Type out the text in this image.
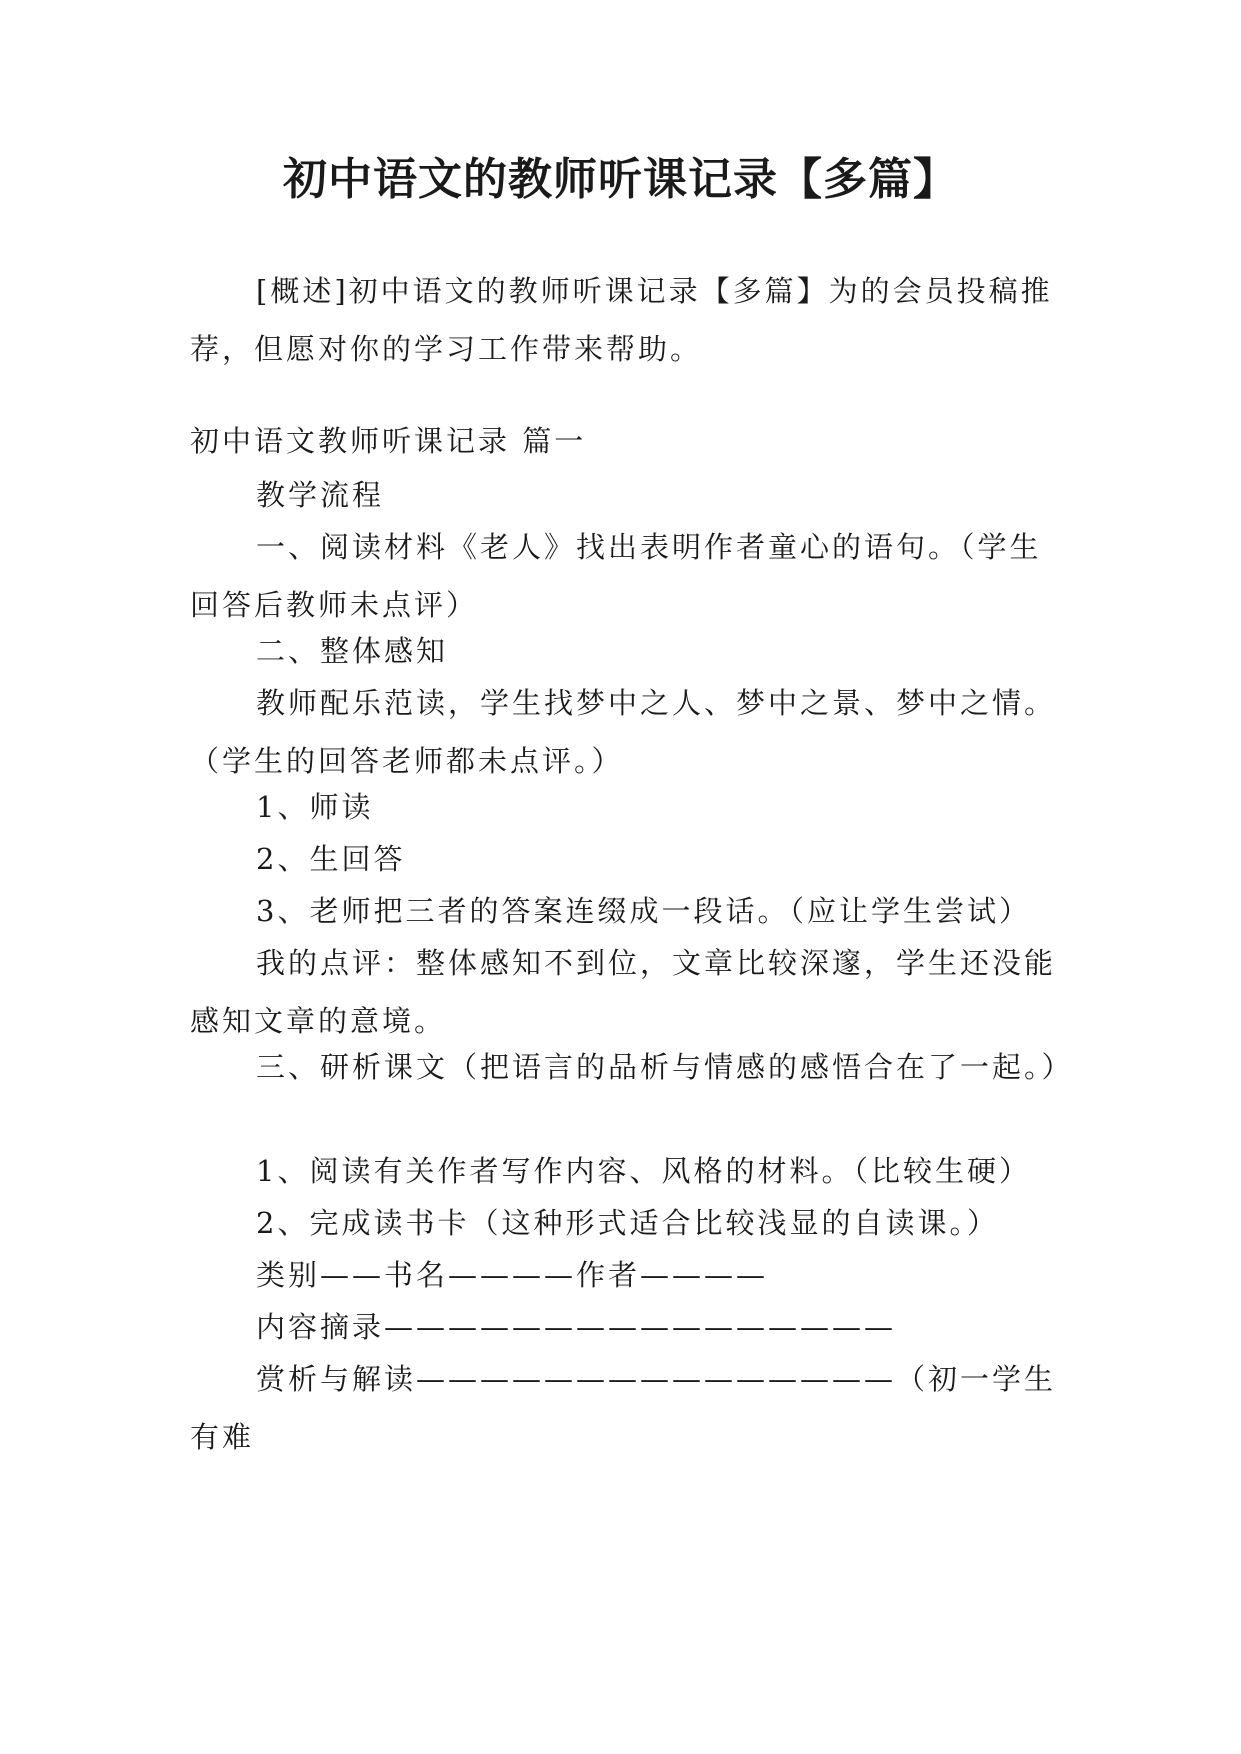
初中语文的教师听课记录【多篇】

[概述]初中语文的教师听课记录【多篇】为的会员投稿推荐，但愿对你的学习工作带来帮助。

初中语文教师听课记录 篇一

教学流程

一、阅读材料《老人》找出表明作者童心的语句。（学生回答后教师未点评）

二、整体感知

教师配乐范读，学生找梦中之人、梦中之景、梦中之情。（学生的回答老师都未点评。）

1、师读

2、生回答

3、老师把三者的答案连缀成一段话。（应让学生尝试）

我的点评：整体感知不到位，文章比较深邃，学生还没能感知文章的意境。

三、研析课文（把语言的品析与情感的感悟合在了一起。）

1、阅读有关作者写作内容、风格的材料。（比较生硬）

2、完成读书卡（这种形式适合比较浅显的自读课。）

类别——书名————作者————

内容摘录————————————————

赏析与解读———————————————（初一学生有难
